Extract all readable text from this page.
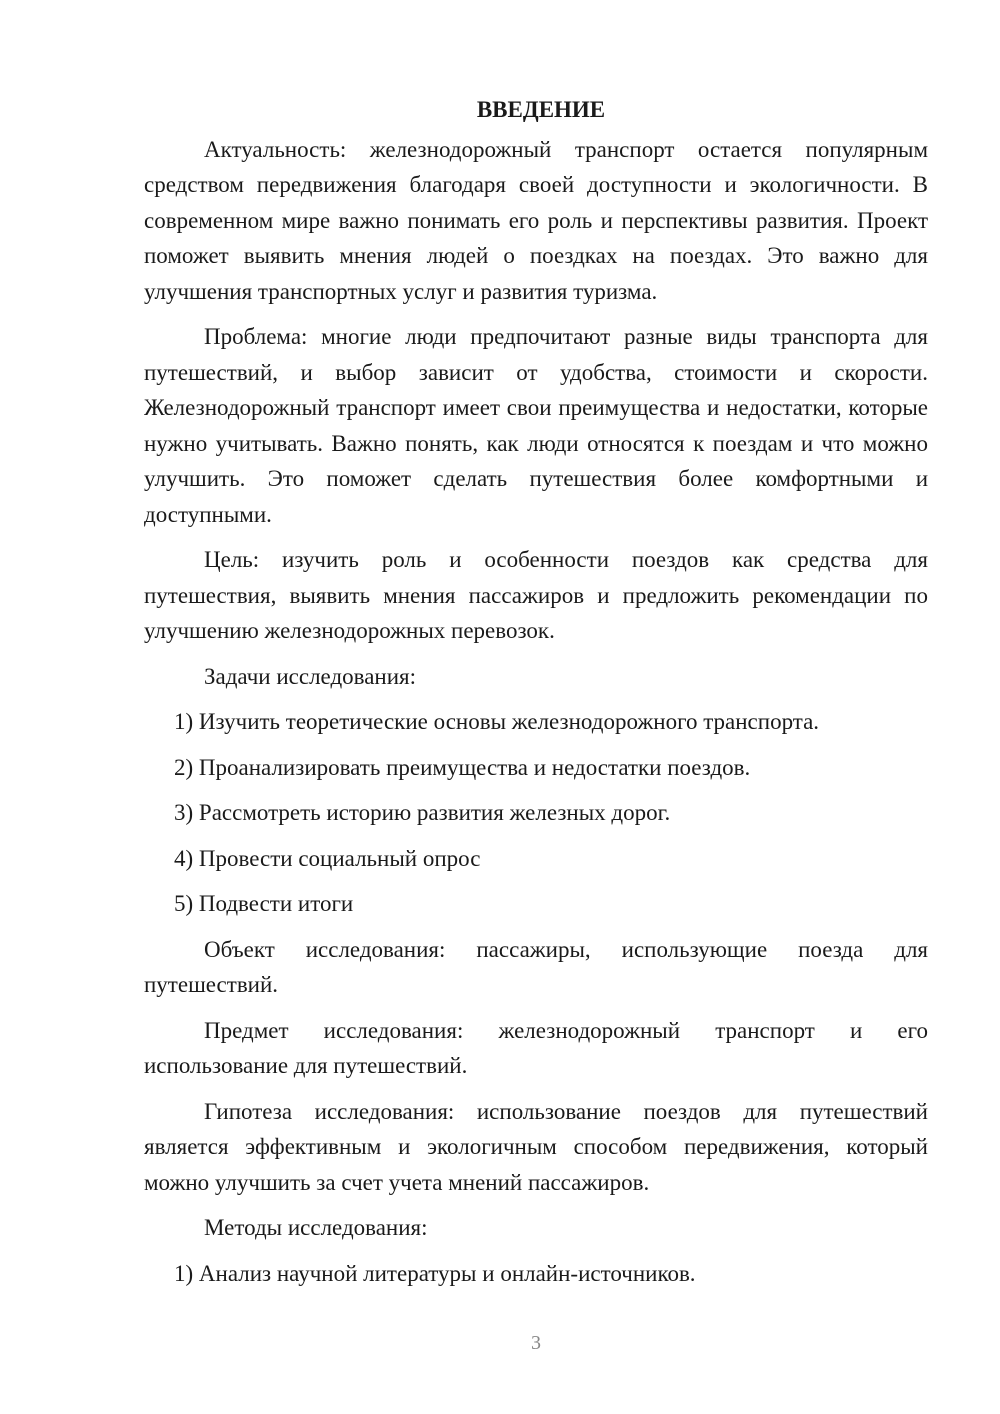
ВВЕДЕНИЕ

Актуальность: железнодорожный транспорт остается популярным средством передвижения благодаря своей доступности и экологичности. В современном мире важно понимать его роль и перспективы развития. Проект поможет выявить мнения людей о поездках на поездах. Это важно для улучшения транспортных услуг и развития туризма.

Проблема: многие люди предпочитают разные виды транспорта для путешествий, и выбор зависит от удобства, стоимости и скорости. Железнодорожный транспорт имеет свои преимущества и недостатки, которые нужно учитывать. Важно понять, как люди относятся к поездам и что можно улучшить. Это поможет сделать путешествия более комфортными и доступными.

Цель: изучить роль и особенности поездов как средства для путешествия, выявить мнения пассажиров и предложить рекомендации по улучшению железнодорожных перевозок.

Задачи исследования:
1) Изучить теоретические основы железнодорожного транспорта.
2) Проанализировать преимущества и недостатки поездов.
3) Рассмотреть историю развития железных дорог.
4) Провести социальный опрос
5) Подвести итоги

Объект исследования: пассажиры, использующие поезда для путешествий.

Предмет исследования: железнодорожный транспорт и его использование для путешествий.

Гипотеза исследования: использование поездов для путешествий является эффективным и экологичным способом передвижения, который можно улучшить за счет учета мнений пассажиров.

Методы исследования:
1) Анализ научной литературы и онлайн-источников.
3
